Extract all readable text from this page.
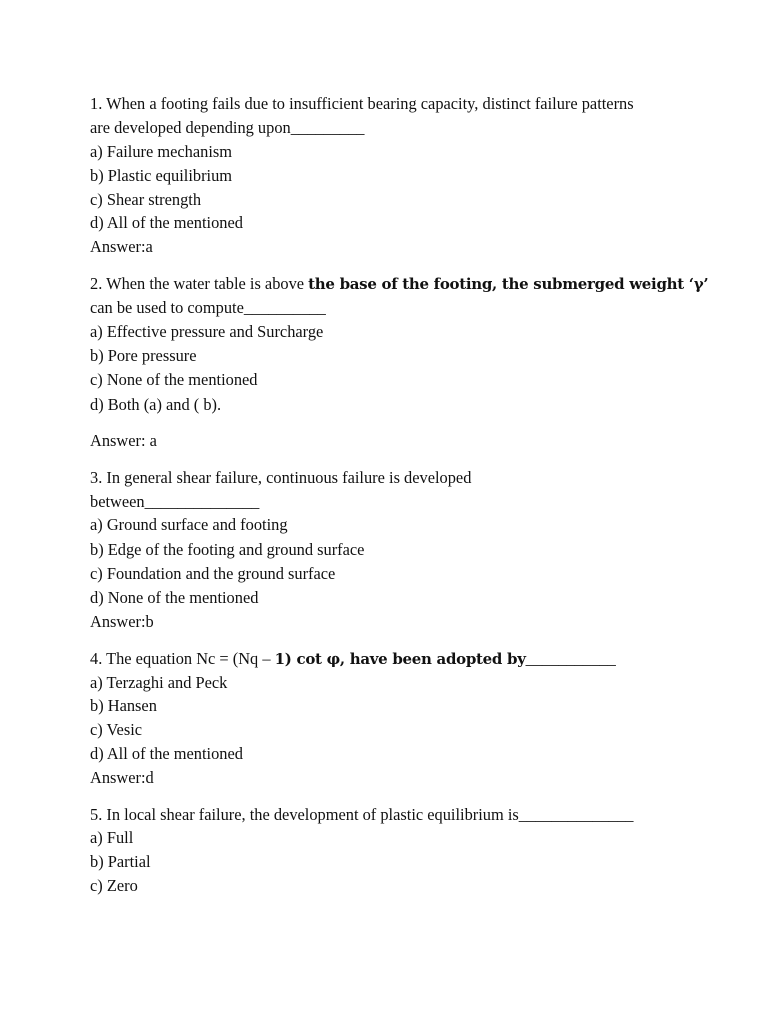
1. When a footing fails due to insufficient bearing capacity, distinct failure patterns
are developed depending upon_________
a) Failure mechanism
b) Plastic equilibrium
c) Shear strength
d) All of the mentioned
Answer:a
2. When the water table is above the base of the footing, the submerged weight ‘γ’
can be used to compute__________
a) Effective pressure and Surcharge
b) Pore pressure
c) None of the mentioned
d) Both (a) and ( b).
Answer: a
3. In general shear failure, continuous failure is developed
between______________
a) Ground surface and footing
b) Edge of the footing and ground surface
c) Foundation and the ground surface
d) None of the mentioned
Answer:b
4. The equation Nc = (Nq – 1) cot φ, have been adopted by___________
a) Terzaghi and Peck
b) Hansen
c) Vesic
d) All of the mentioned
Answer:d
5. In local shear failure, the development of plastic equilibrium is______________
a) Full
b) Partial
c) Zero
